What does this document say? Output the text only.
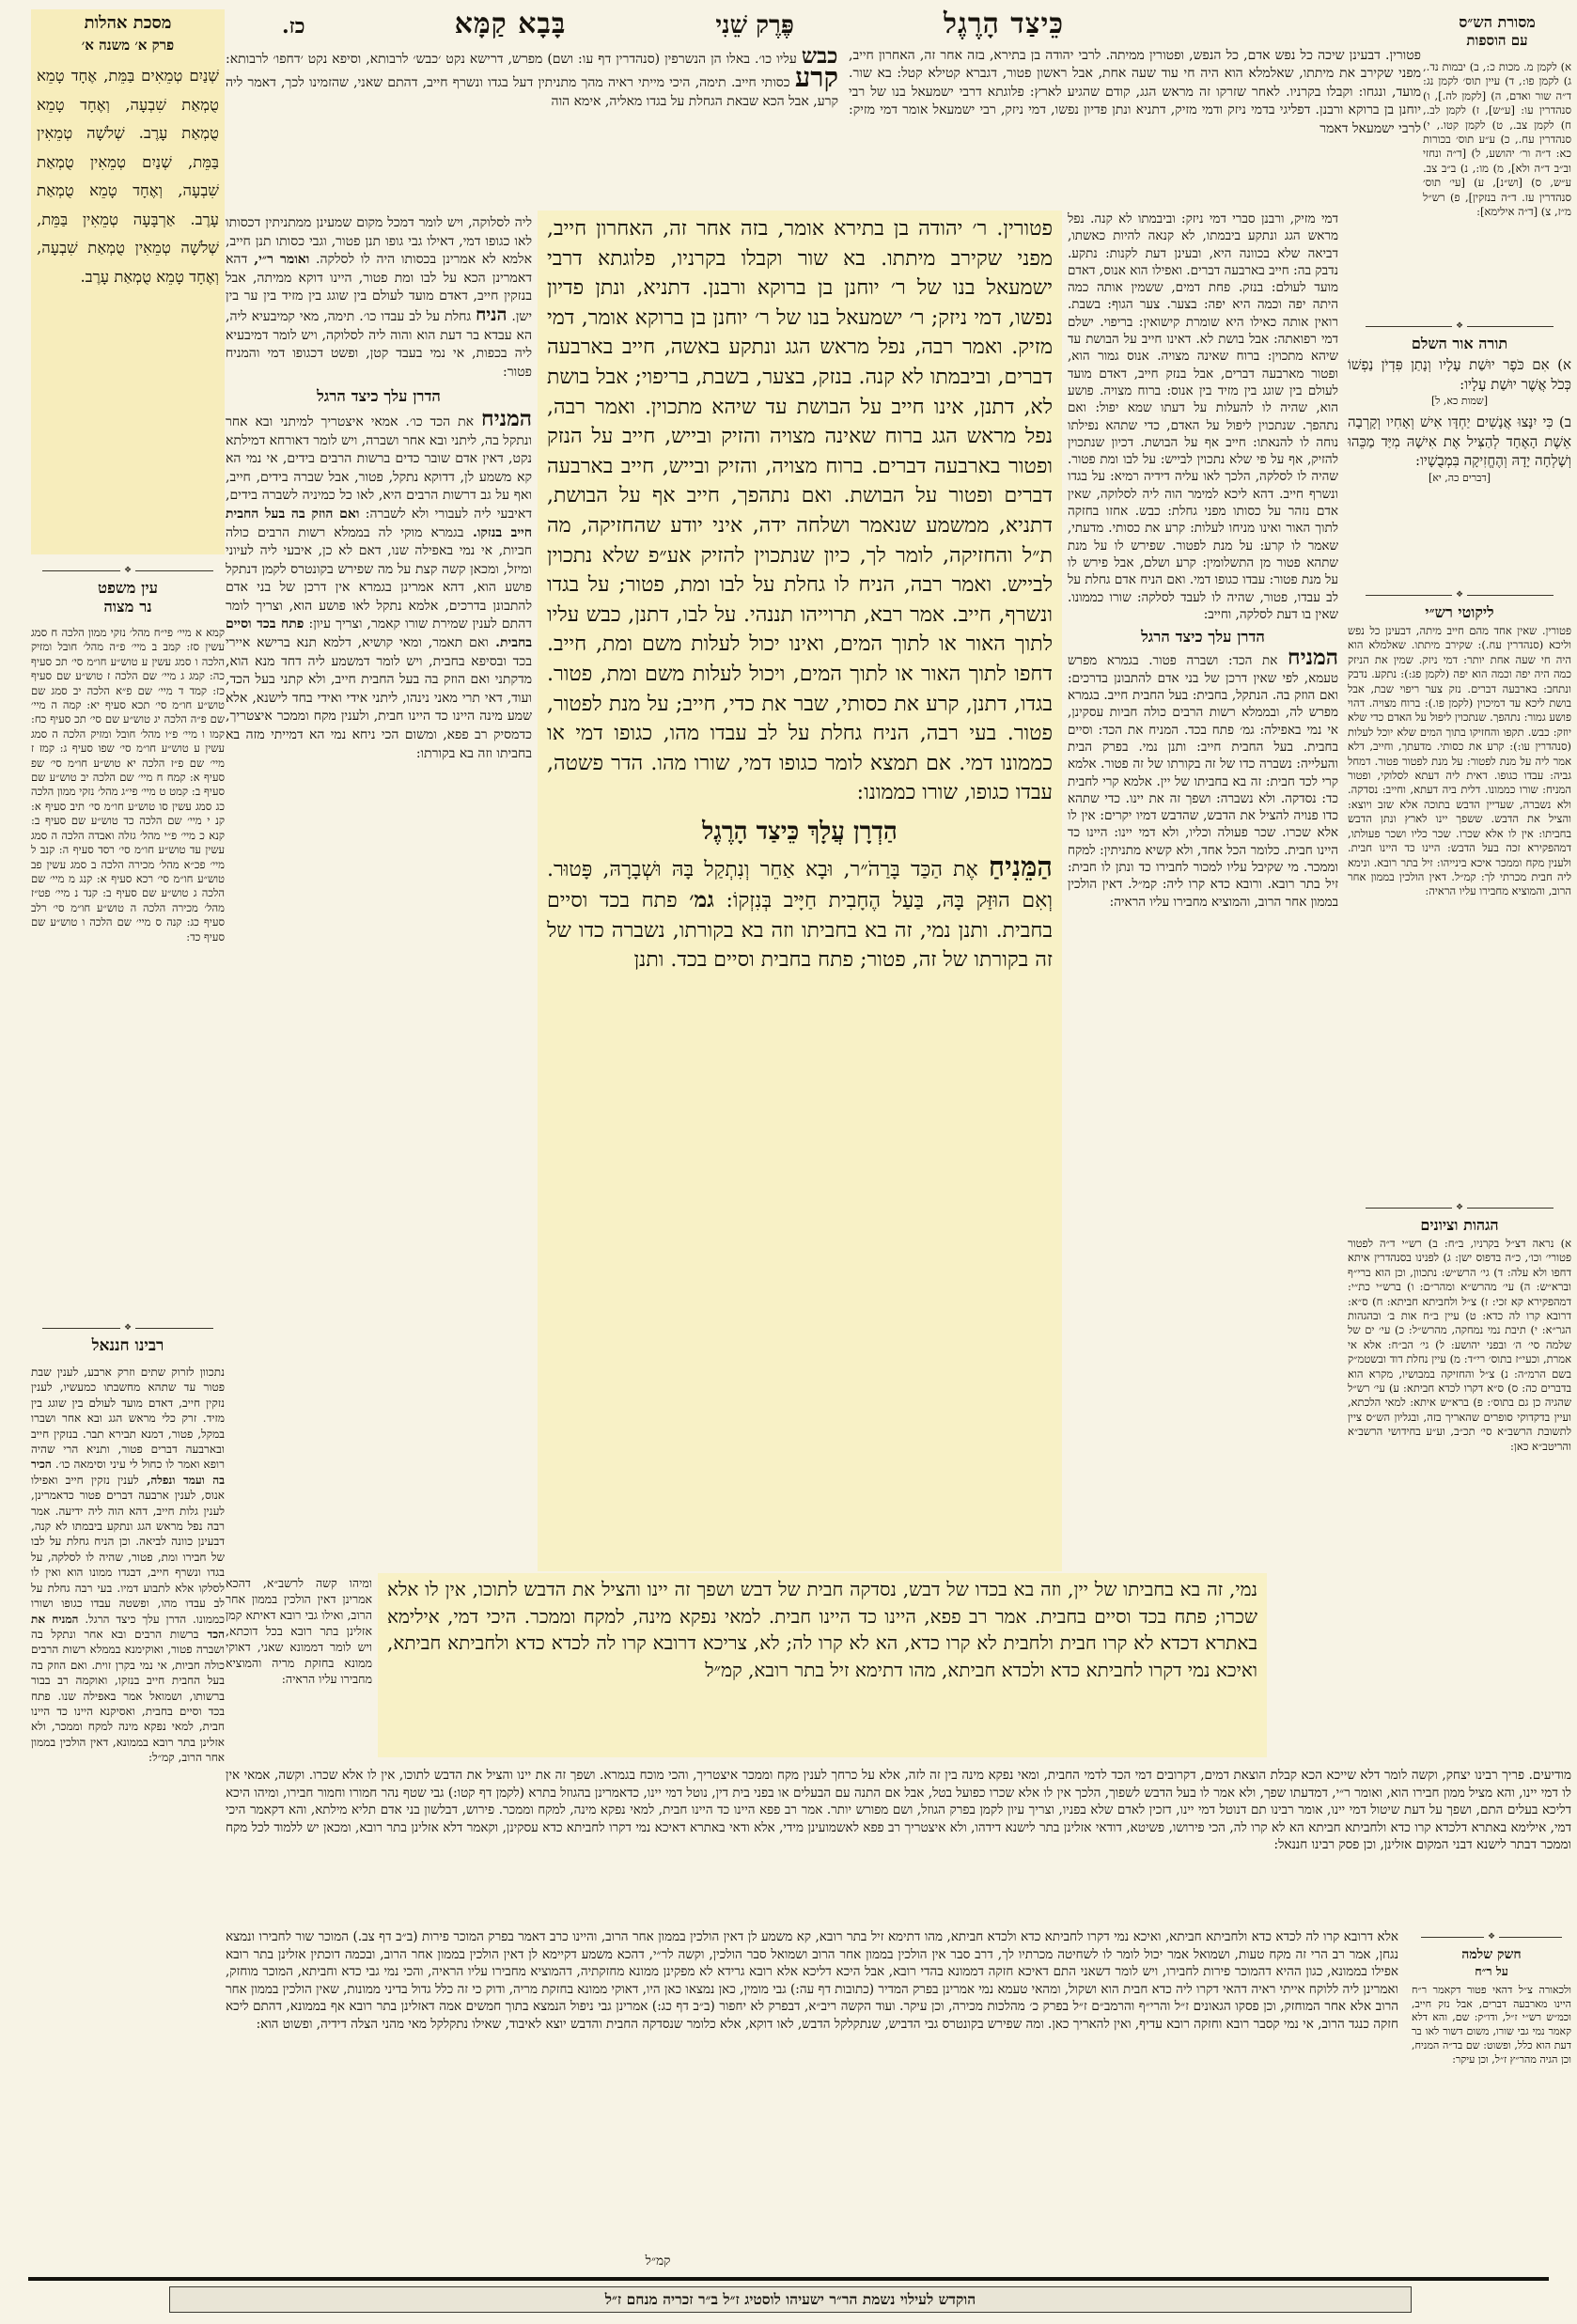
כֵּיצַד הָרֶגֶל
פֶּרֶק שֵׁנִי
בָּבָא קַמָּא
כז.	מסורת הש״ס
עם הוספות
א) לקמן מ. מכות כ:, ב) יבמות נד., ג) לקמן פו:, ד) עיין תוס׳ לקמן נג: ד״ה שור ואדם, ה) [לקמן לה.], ו) סנהדרין עו: [ע״ש], ז) לקמן לב., ח) לקמן צב., ט) לקמן קטו., י) סנהדרין עח., כ) ע״ע תוס׳ בכורות כא: ד״ה ור׳ יהושע, ל) [ד״ה ונחזי וב״ב ד״ה ולא], מ) מו:, נ) ב״ב צב. ע״ש, ס) [וש״נ], ע) [עי׳ תוס׳ סנהדרין עז. ד״ה בנזקין], פ) רש״ל מ״ז, צ) [ד״ה אילימא]:
מסכת אהלות
פרק א׳ משנה א׳
שְׁנַיִם טְמֵאִים בַּמֵּת, אֶחָד טָמֵא טֻמְאַת שִׁבְעָה, וְאֶחָד טָמֵא טֻמְאַת עָרֶב. שְׁלֹשָׁה טְמֵאִין בַּמֵּת, שְׁנַיִם טְמֵאִין טֻמְאַת שִׁבְעָה, וְאֶחָד טָמֵא טֻמְאַת עָרֶב. אַרְבָּעָה טְמֵאִין בַּמֵּת, שְׁלֹשָׁה טְמֵאִין טֻמְאַת שִׁבְעָה, וְאֶחָד טָמֵא טֻמְאַת עָרֶב.
❖
עין משפט
נר מצוה
קמא א מיי׳ פי״ח מהל׳ נזקי ממון הלכה ח סמג עשין סז: קמב ב מיי׳ פ״ה מהל׳ חובל ומזיק הלכה ו סמג עשין ע טוש״ע חו״מ סי׳ תכ סעיף כה: קמג ג מיי׳ שם הלכה ז טוש״ע שם סעיף כז: קמד ד מיי׳ שם פ״א הלכה יב סמג שם טוש״ע חו״מ סי׳ תכא סעיף יא: קמה ה מיי׳ שם פ״ה הלכה יג טוש״ע שם סי׳ תכ סעיף כח: קמו ו מיי׳ פ״ו מהל׳ חובל ומזיק הלכה ה סמג עשין ע טוש״ע חו״מ סי׳ שפו סעיף ג: קמז ז מיי׳ שם פ״ז הלכה יא טוש״ע חו״מ סי׳ שפ סעיף א: קמח ח מיי׳ שם הלכה יב טוש״ע שם סעיף ב: קמט ט מיי׳ פי״ג מהל׳ נזקי ממון הלכה כג סמג עשין סו טוש״ע חו״מ סי׳ תיב סעיף א: קנ י מיי׳ שם הלכה כד טוש״ע שם סעיף ב: קנא כ מיי׳ פ״י מהל׳ גזלה ואבדה הלכה ה סמג עשין עד טוש״ע חו״מ סי׳ רסד סעיף ה: קנב ל מיי׳ פכ״א מהל׳ מכירה הלכה ב סמג עשין פב טוש״ע חו״מ סי׳ רכא סעיף א: קנג מ מיי׳ שם הלכה ג טוש״ע שם סעיף ב: קנד נ מיי׳ פט״ז מהל׳ מכירה הלכה ה טוש״ע חו״מ סי׳ רלב סעיף כג: קנה ס מיי׳ שם הלכה ו טוש״ע שם סעיף כד:
❖
רבינו חננאל
נתכוון לזרוק שתים וזרק ארבע, לענין שבת פטור עד שתהא מחשבתו כמעשיו, לענין נזקין חייב, דאדם מועד לעולם בין שוגג בין מזיד. זרק כלי מראש הגג ובא אחר ושברו במקל, פטור, דמנא תבירא תבר. בנזקין חייב ובארבעה דברים פטור, ותניא הרי שהיה רופא ואמר לו כחול לי עיני וסימאה כו׳. הכיר בה ועמד ונפלה, לענין נזקין חייב ואפילו אנוס, לענין ארבעה דברים פטור כדאמרינן, לענין גלות חייב, דהא הוה ליה ידיעה. אמר רבה נפל מראש הגג ונתקע ביבמתו לא קנה, דבעינן כוונה לביאה. וכן הניח גחלת על לבו של חבירו ומת, פטור, שהיה לו לסלקה, על בגדו ונשרף חייב, דבגדו ממונו הוא ואין לו לסלקו אלא לתבוע דמיו. בעי רבה גחלת על לב עבדו מהו, ופשטה עבדו כגופו ושורו כממונו. הדרן עלך כיצד הרגל. המניח את הכד ברשות הרבים ובא אחר ונתקל בה ושברה פטור, ואוקימנא בממלא רשות הרבים כולה חביות, אי נמי בקרן זוית. ואם הוזק בה בעל החבית חייב בנזקו, ואוקמה רב בבור ברשותו, ושמואל אמר באפילה שנו. פתח בכד וסיים בחבית, ואסיקנא היינו כד היינו חבית, למאי נפקא מינה למקח וממכר, ולא אזלינן בתר רובא בממונא, דאין הולכין בממון אחר הרוב, קמ״ל:
כבש עליו כו׳. באלו הן הנשרפין (סנהדרין דף עו: ושם) מפרש, דרישא נקט ׳כבש׳ לרבותא, וסיפא נקט ׳דחפו׳ לרבותא: קרע כסותי חייב. תימה, היכי מייתי ראיה מהך מתניתין דעל בגדו ונשרף חייב, דהתם שאני, שהזמינו לכך, דאמר ליה קרע, אבל הכא שבאת הגחלת על בגדו מאליה, אימא הוה
פטורין. דבעינן שיכה כל נפש אדם, כל הנפש, ופטורין ממיתה. לרבי יהודה בן בתירא, בזה אחר זה, האחרון חייב, מפני שקירב את מיתתו, שאלמלא הוא היה חי עוד שעה אחת, אבל ראשון פטור, דגברא קטילא קטל: בא שור. מועד, ונגחו: וקבלו בקרניו. לאחר שזרקו זה מראש הגג, קודם שהגיע לארץ: פלוגתא דרבי ישמעאל בנו של רבי יוחנן בן ברוקא ורבנן. דפליגי בדמי ניזק ודמי מזיק, דתניא ונתן פדיון נפשו, דמי ניזק, רבי ישמעאל אומר דמי מזיק: לרבי ישמעאל דאמר
פטורין. ר׳ יהודה בן בתירא אומר, בזה אחר זה, האחרון חייב, מפני שקירב מיתתו. בא שור וקבלו בקרניו, פלוגתא דרבי ישמעאל בנו של ר׳ יוחנן בן ברוקא ורבנן. דתניא, ונתן פדיון נפשו, דמי ניזק; ר׳ ישמעאל בנו של ר׳ יוחנן בן ברוקא אומר, דמי מזיק. ואמר רבה, נפל מראש הגג ונתקע באשה, חייב בארבעה דברים, וביבמתו לא קנה. בנזק, בצער, בשבת, בריפוי; אבל בושת לא, דתנן, אינו חייב על הבושת עד שיהא מתכוין. ואמר רבה, נפל מראש הגג ברוח שאינה מצויה והזיק ובייש, חייב על הנזק ופטור בארבעה דברים. ברוח מצויה, והזיק ובייש, חייב בארבעה דברים ופטור על הבושת. ואם נתהפך, חייב אף על הבושת, דתניא, ממשמע שנאמר ושלחה ידה, איני יודע שהחזיקה, מה ת״ל והחזיקה, לומר לך, כיון שנתכוין להזיק אע״פ שלא נתכוין לבייש. ואמר רבה, הניח לו גחלת על לבו ומת, פטור; על בגדו ונשרף, חייב. אמר רבא, תרוייהו תננהי. על לבו, דתנן, כבש עליו לתוך האור או לתוך המים, ואינו יכול לעלות משם ומת, חייב. דחפו לתוך האור או לתוך המים, ויכול לעלות משם ומת, פטור. בגדו, דתנן, קרע את כסותי, שבר את כדי, חייב; על מנת לפטור, פטור. בעי רבה, הניח גחלת על לב עבדו מהו, כגופו דמי או כממונו דמי. אם תמצא לומר כגופו דמי, שורו מהו. הדר פשטה, עבדו כגופו, שורו כממונו:
הַדְרָן עֲלָךְ כֵּיצַד הָרֶגֶל
הַמֵּנִיחַ אֶת הַכַּד בָּרַהֹ״ר, וּבָא אַחֵר וְנִתְקַל בָּהּ וּשְׁבָרָהּ, פָּטוּר. וְאִם הוּזַּק בָּהּ, בַּעַל הֶחָבִית חַיָּיב בְּנִזְקוֹ: גמ׳ פתח בכד וסיים בחבית. ותנן נמי, זה בא בחביתו וזה בא בקורתו, נשברה כדו של זה בקורתו של זה, פטור; פתח בחבית וסיים בכד. ותנן
דמי מזיק, ורבנן סברי דמי ניזק: וביבמתו לא קנה. נפל מראש הגג ונתקע ביבמתו, לא קנאה להיות כאשתו, דביאה שלא בכוונה היא, ובעינן דעת לקנות: נתקע. נדבק בה: חייב בארבעה דברים. ואפילו הוא אנוס, דאדם מועד לעולם: בנזק. פחת דמים, ששמין אותה כמה היתה יפה וכמה היא יפה: בצער. צער הגוף: בשבת. רואין אותה כאילו היא שומרת קישואין: בריפוי. ישלם דמי רפואתה: אבל בושת לא. דאינו חייב על הבושת עד שיהא מתכוין: ברוח שאינה מצויה. אנוס גמור הוא, ופטור מארבעה דברים, אבל בנזק חייב, דאדם מועד לעולם בין שוגג בין מזיד בין אנוס: ברוח מצויה. פושע הוא, שהיה לו להעלות על דעתו שמא יפול: ואם נתהפך. שנתכוין ליפול על האדם, כדי שתהא נפילתו נוחה לו להנאתו: חייב אף על הבושת. דכיון שנתכוין להזיק, אף על פי שלא נתכוין לבייש: על לבו ומת פטור. שהיה לו לסלקה, הלכך לאו עליה דידיה רמיא: על בגדו ונשרף חייב. דהא ליכא למימר הוה ליה לסלוקה, שאין אדם נזהר על כסותו מפני גחלת: כבש. אחזו בחזקה לתוך האור ואינו מניחו לעלות: קרע את כסותי. מדעתי, שאמר לו קרע: על מנת לפטור. שפירש לו על מנת שתהא פטור מן התשלומין: קרע ושלם, אבל פירש לו על מנת פטור: עבדו כגופו דמי. ואם הניח אדם גחלת על לב עבדו, פטור, שהיה לו לעבד לסלקה: שורו כממונו. שאין בו דעת לסלקה, וחייב:
הדרן עלך כיצד הרגל
המניח את הכד: ושברה פטור. בגמרא מפרש טעמא, לפי שאין דרכן של בני אדם להתבונן בדרכים: ואם הוזק בה. הנתקל, בחבית: בעל החבית חייב. בגמרא מפרש לה, ובממלא רשות הרבים כולה חביות עסקינן, אי נמי באפילה: גמ׳ פתח בכד. המניח את הכד: וסיים בחבית. בעל החבית חייב: ותנן נמי. בפרק הבית והעלייה: נשברה כדו של זה בקורתו של זה פטור. אלמא קרי לכד חבית: זה בא בחביתו של יין. אלמא קרי לחבית כד: נסדקה. ולא נשברה: ושפך זה את יינו. כדי שתהא כדו פנויה להציל את הדבש, שהדבש דמיו יקרים: אין לו אלא שכרו. שכר פעולה וכליו, ולא דמי יינו: היינו כד היינו חבית. כלומר הכל אחד, ולא קשיא מתניתין: למקח וממכר. מי שקיבל עליו למכור לחבירו כד ונתן לו חבית: זיל בתר רובא. ורובא כדא קרו ליה: קמ״ל. דאין הולכין בממון אחר הרוב, והמוציא מחבירו עליו הראיה:
ליה לסלוקה, ויש לומר דמכל מקום שמעינן ממתניתין דכסותו לאו כגופו דמי, דאילו גבי גופו תנן פטור, וגבי כסותו תנן חייב, אלמא לא אמרינן בכסותו היה לו לסלקה. ואומר ר״י, דהא דאמרינן הכא על לבו ומת פטור, היינו דוקא ממיתה, אבל בנזקין חייב, דאדם מועד לעולם בין שוגג בין מזיד בין ער בין ישן. הניח גחלת על לב עבדו כו׳. תימה, מאי קמיבעיא ליה, הא עבדא בר דעת הוא והוה ליה לסלוקה, ויש לומר דמיבעיא ליה בכפות, אי נמי בעבד קטן, ופשט דכגופו דמי והמניח פטור:
הדרן עלך כיצד הרגל
המניח את הכד כו׳. אמאי איצטריך למיתני ובא אחר ונתקל בה, ליתני ובא אחר ושברה, ויש לומר דאורחא דמילתא נקט, דאין אדם שובר כדים ברשות הרבים בידים, אי נמי הא קא משמע לן, דדוקא נתקל, פטור, אבל שברה בידים, חייב, ואף על גב דרשות הרבים היא, לאו כל כמיניה לשברה בידים, דאיבעי ליה לעבורי ולא לשברה: ואם הוזק בה בעל החבית חייב בנזקו. בגמרא מוקי לה בממלא רשות הרבים כולה חביות, אי נמי באפילה שנו, דאם לא כן, איבעי ליה לעיוני ומיזל, ומכאן קשה קצת על מה שפירש בקונטרס לקמן דנתקל פושע הוא, דהא אמרינן בגמרא אין דרכן של בני אדם להתבונן בדרכים, אלמא נתקל לאו פושע הוא, וצריך לומר דהתם לענין שמירת שורו קאמר, וצריך עיון: פתח בכד וסיים בחבית. ואם תאמר, ומאי קושיא, דלמא תנא ברישא איירי בכד ובסיפא בחבית, ויש לומר דמשמע ליה דחד מנא הוא, מדקתני ואם הוזק בה בעל החבית חייב, ולא קתני בעל הכד, ועוד, דאי תרי מאני נינהו, ליתני אידי ואידי בחד לישנא, אלא שמע מינה היינו כד היינו חבית, ולענין מקח וממכר איצטריך, כדמסיק רב פפא, ומשום הכי ניחא נמי הא דמייתי מזה בא בחביתו וזה בא בקורתו:
❖
תורה אור השלם
א) אִם כֹּפֶר יוּשַׁת עָלָיו וְנָתַן פִּדְיֹן נַפְשׁוֹ כְּכֹל אֲשֶׁר יוּשַׁת עָלָיו:
[שמות כא, ל]
ב) כִּי יִנָּצוּ אֲנָשִׁים יַחְדָּו אִישׁ וְאָחִיו וְקָרְבָה אֵשֶׁת הָאֶחָד לְהַצִּיל אֶת אִישָׁהּ מִיַּד מַכֵּהוּ וְשָׁלְחָה יָדָהּ וְהֶחֱזִיקָה בִּמְבֻשָׁיו:
[דברים כה, יא]
❖
ליקוטי רש״י
פטורין. שאין אחד מהם חייב מיתה, דבעינן כל נפש וליכא (סנהדרין עח.): שקירב מיתתו. שאלמלא הוא היה חי שעה אחת יותר: דמי ניזק. שמין את הניזק כמה היה יפה וכמה הוא יפה (לקמן פג:): נתקע. נדבק ונתחב: בארבעה דברים. נזק צער ריפוי שבת, אבל בושת ליכא עד דמיכוין (לקמן פו.): ברוח מצויה. דהוי פושע גמור: נתהפך. שנתכוין ליפול על האדם כדי שלא יוזק: כבש. תקפו והחזיקו בתוך המים שלא יוכל לעלות (סנהדרין עו:): קרע את כסותי. מדעתך, וחייב, דלא אמר ליה על מנת לפטור: על מנת לפטור פטור. דמחל גביה: עבדו כגופו. דאית ליה דעתא לסלוקי, ופטור המניח: שורו כממונו. דלית ביה דעתא, וחייב: נסדקה. ולא נשברה, שעדיין הדבש בתוכה אלא שזב ויוצא: והציל את הדבש. ששפך יינו לארץ ונתן הדבש בחביתו: אין לו אלא שכרו. שכר כליו ושכר פעולתו, דמהפקירא זכה בעל הדבש: היינו כד היינו חבית. ולענין מקח וממכר איכא בינייהו: זיל בתר רובא. ונימא ליה חבית מכרתי לך: קמ״ל. דאין הולכין בממון אחר הרוב, והמוציא מחבירו עליו הראיה:
❖
הגהות וציונים
א) נראה דצ״ל בקרניו, ב״ח: ב) רש״י ד״ה לפטור פטורי׳ וכו׳, כ״ה בדפוס ישן: ג) לפנינו בסנהדרין איתא דחפו ולא עלה: ד) גי׳ הרש״ש: נתכוון, וכן הוא ברי״ף וברא״ש: ה) עי׳ מהרש״א ומהר״ם: ו) ברש״י כת״י: דמהפקירא קא זכי: ז) צ״ל ולחביתא חביתא: ח) ס״א: דרובא קרו לה כדא: ט) עיין ב״ח אות ב׳ ובהגהות הגר״א: י) תיבת נמי נמחקה, מהרש״ל: כ) עי׳ ים של שלמה סי׳ ה׳ ובפני יהושע: ל) גי׳ הב״ח: אלא אי אמרת, וכעי״ז בתוס׳ רי״ד: מ) עיין נחלת דוד ובשטמ״ק בשם הרמ״ה: נ) צ״ל והחזיקה במבושיו, מקרא הוא בדברים כה: ס) ס״א דקרו לכדא חביתא: ע) עי׳ רש״ל שהגיה כן גם בתוס׳: פ) ברא״ש איתא: למאי הלכתא, ועיין בדקדוקי סופרים שהאריך בזה, ובגליון הש״ס ציין לתשובת הרשב״א סי׳ תכ״ב, וע״ע בחידושי הרשב״א והריטב״א כאן:
ומיהו קשה לרשב״א, דהכא אמרינן דאין הולכין בממון אחר הרוב, ואילו גבי רובא דאיתא קמן אזלינן בתר רובא בכל דוכתא, ויש לומר דממונא שאני, דאוקי ממונא בחזקת מריה והמוציא מחבירו עליו הראיה:
נמי, זה בא בחביתו של יין, וזה בא בכדו של דבש, נסדקה חבית של דבש ושפך זה יינו והציל את הדבש לתוכו, אין לו אלא שכרו; פתח בכד וסיים בחבית. אמר רב פפא, היינו כד היינו חבית. למאי נפקא מינה, למקח וממכר. היכי דמי, אילימא באתרא דכדא לא קרו חבית ולחבית לא קרו כדא, הא לא קרו לה; לא, צריכא דרובא קרו לה לכדא כדא ולחביתא חביתא, ואיכא נמי דקרו לחביתא כדא ולכדא חביתא, מהו דתימא זיל בתר רובא, קמ״ל
מודיעים. פריך רבינו יצחק, וקשה לומר דלא שייכא הכא קבלת הוצאת דמים, דקרובים דמי הכד לדמי החבית, ומאי נפקא מינה בין זה לזה, אלא על כרחך לענין מקח וממכר איצטריך, והכי מוכח בגמרא. ושפך זה את יינו והציל את הדבש לתוכו, אין לו אלא שכרו. וקשה, אמאי אין לו דמי יינו, והא מציל ממון חבירו הוא, ואומר ר״י, דמדעתו שפך, ולא אמר לו בעל הדבש לשפוך, הלכך אין לו אלא שכרו כפועל בטל, אבל אם התנה עם הבעלים או בפני בית דין, נוטל דמי יינו, כדאמרינן בהגוזל בתרא (לקמן דף קטו:) גבי שטף נהר חמורו וחמור חבירו, ומיהו היכא דליכא בעלים התם, ושפך על דעת שיטול דמי יינו, אומר רבינו תם דנוטל דמי יינו, דזכין לאדם שלא בפניו, וצריך עיון לקמן בפרק הגוזל, ושם מפורש יותר. אמר רב פפא היינו כד היינו חבית, למאי נפקא מינה, למקח וממכר. פירוש, דבלשון בני אדם תליא מילתא, והא דקאמר היכי דמי, אילימא באתרא דלכדא קרו כדא ולחביתא חביתא הא לא קרו לה, הכי פירושו, פשיטא, דודאי אזלינן בתר לישנא דידהו, ולא איצטריך רב פפא לאשמועינן מידי, אלא ודאי באתרא דאיכא נמי דקרו לחביתא כדא עסקינן, וקאמר דלא אזלינן בתר רובא, ומכאן יש ללמוד לכל מקח וממכר דבתר לישנא דבני המקום אזלינן, וכן פסק רבינו חננאל:
❖
חשק שלמה
על ר״ח
ולכאורה צ״ל דהאי פטור דקאמר ר״ח היינו מארבעה דברים, אבל נזק חייב, וכמ״ש רש״י ז״ל, ודו״ק: שם, והא דלא קאמר נמי גבי שורו, משום דשור לאו בר דעת הוא כלל, ופשוט: שם בד״ה המניח, וכן הגיה מהר״ץ ז״ל, וכן עיקר:
אלא דרובא קרו לה לכדא כדא ולחביתא חביתא, ואיכא נמי דקרו לחביתא כדא ולכדא חביתא, מהו דתימא זיל בתר רובא, קא משמע לן דאין הולכין בממון אחר הרוב, והיינו כרב דאמר בפרק המוכר פירות (ב״ב דף צב.) המוכר שור לחבירו ונמצא נגחן, אמר רב הרי זה מקח טעות, ושמואל אמר יכול לומר לו לשחיטה מכרתיו לך, דרב סבר אין הולכין בממון אחר הרוב ושמואל סבר הולכין, וקשה לר״י, דהכא משמע דקיימא לן דאין הולכין בממון אחר הרוב, ובכמה דוכתין אזלינן בתר רובא אפילו בממונא, כגון ההיא דהמוכר פירות לחבירו, ויש לומר דשאני התם דאיכא חזקה דממונא בהדי רובא, אבל היכא דליכא אלא רובא גרידא לא מפקינן ממונא מחזקתיה, דהמוציא מחבירו עליו הראיה, והכי נמי גבי כדא וחביתא, המוכר מוחזק, ואמרינן ליה ללוקח אייתי ראיה דהאי דקרו ליה כדא חבית הוא ושקול, ומהאי טעמא נמי אמרינן בפרק המדיר (כתובות דף עה:) גבי מומין, כאן נמצאו כאן היו, דאוקי ממונא בחזקת מריה, ודוק כי זה כלל גדול בדיני ממונות, שאין הולכין בממון אחר הרוב אלא אחר המוחזק, וכן פסקו הגאונים ז״ל והרי״ף והרמב״ם ז״ל בפרק כ׳ מהלכות מכירה, וכן עיקר. ועוד הקשה ריב״א, דבפרק לא יחפור (ב״ב דף כג:) אמרינן גבי ניפול הנמצא בתוך חמשים אמה דאזלינן בתר רובא אף בממונא, דהתם ליכא חזקה כנגד הרוב, אי נמי קסבר רובא וחזקה רובא עדיף, ואין להאריך כאן. ומה שפירש בקונטרס גבי הדביש, שנתקלקל הדבש, לאו דוקא, אלא כלומר שנסדקה החבית והדבש יוצא לאיבוד, שאילו נתקלקל מאי מהני הצלה דידיה, ופשוט הוא:
קמ״ל
הוקדש לעילוי נשמת הר״ר ישעיהו לוסטיג ז״ל ב״ר זכריה מנחם ז״ל
